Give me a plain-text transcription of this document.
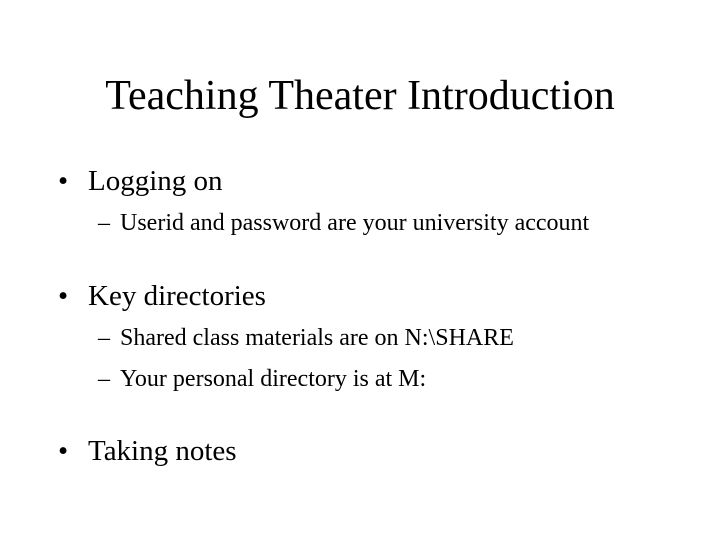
Teaching Theater Introduction
• Logging on
– Userid and password are your university account
• Key directories
– Shared class materials are on N:\SHARE
– Your personal directory is at M:
• Taking notes
